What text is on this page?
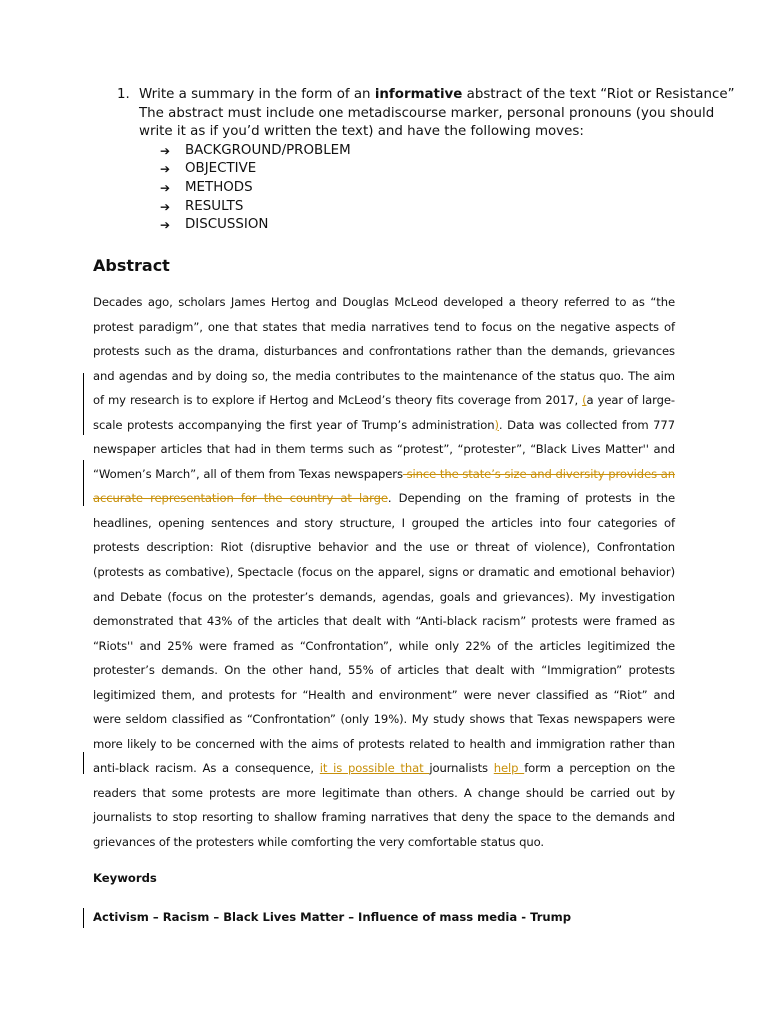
1. Write a summary in the form of an informative abstract of the text “Riot or Resistance”
The abstract must include one metadiscourse marker, personal pronouns (you should
write it as if you’d written the text) and have the following moves:
➔	BACKGROUND/PROBLEM
➔	OBJECTIVE
➔	METHODS
➔	RESULTS
➔	DISCUSSION
Abstract

Decades ago, scholars James Hertog and Douglas McLeod developed a theory referred to as “the protest paradigm”, one that states that media narratives tend to focus on the negative aspects of protests such as the drama, disturbances and confrontations rather than the demands, grievances and agendas and by doing so, the media contributes to the maintenance of the status quo. The aim of my research is to explore if Hertog and McLeod’s theory fits coverage from 2017, (a year of large-scale protests accompanying the first year of Trump’s administration). Data was collected from 777 newspaper articles that had in them terms such as “protest”, “protester”, “Black Lives Matter'' and “Women’s March”, all of them from Texas newspapers since the state’s size and diversity provides an accurate representation for the country at large. Depending on the framing of protests in the headlines, opening sentences and story structure, I grouped the articles into four categories of protests description: Riot (disruptive behavior and the use or threat of violence), Confrontation (protests as combative), Spectacle (focus on the apparel, signs or dramatic and emotional behavior) and Debate (focus on the protester’s demands, agendas, goals and grievances). My investigation demonstrated that 43% of the articles that dealt with “Anti-black racism” protests were framed as “Riots'' and 25% were framed as “Confrontation”, while only 22% of the articles legitimized the protester’s demands. On the other hand, 55% of articles that dealt with “Immigration” protests legitimized them, and protests for “Health and environment” were never classified as “Riot” and were seldom classified as “Confrontation” (only 19%). My study shows that Texas newspapers were more likely to be concerned with the aims of protests related to health and immigration rather than anti-black racism. As a consequence, it is possible that journalists help form a perception on the readers that some protests are more legitimate than others. A change should be carried out by journalists to stop resorting to shallow framing narratives that deny the space to the demands and grievances of the protesters while comforting the very comfortable status quo.

Keywords

Activism – Racism – Black Lives Matter – Influence of mass media - Trump
